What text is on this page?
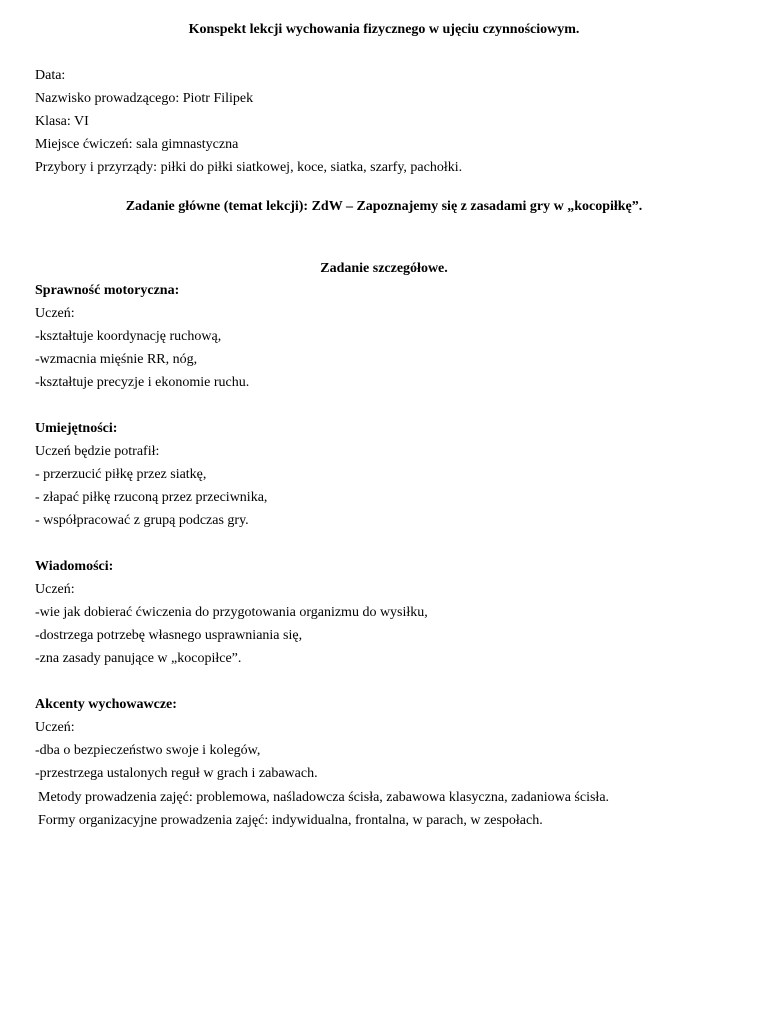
Konspekt lekcji wychowania fizycznego w ujęciu czynnościowym.
Data:
Nazwisko prowadzącego: Piotr Filipek
Klasa: VI
Miejsce ćwiczeń: sala gimnastyczna
Przybory i przyrządy: piłki do piłki siatkowej, koce, siatka, szarfy, pachołki.
Zadanie główne (temat lekcji): ZdW – Zapoznajemy się z zasadami gry w „kocopiłkę”.
Zadanie szczegółowe.
Sprawność motoryczna:
Uczeń:
-kształtuje koordynację ruchową,
-wzmacnia mięśnie RR, nóg,
-kształtuje precyzje i ekonomie ruchu.
Umiejętności:
Uczeń będzie potrafił:
- przerzucić piłkę przez siatkę,
- złapać piłkę rzuconą przez przeciwnika,
- współpracować z grupą podczas gry.
Wiadomości:
Uczeń:
-wie jak dobierać ćwiczenia do przygotowania organizmu do wysiłku,
-dostrzega potrzebę własnego usprawniania się,
-zna zasady panujące w „kocopiłce”.
Akcenty wychowawcze:
Uczeń:
-dba o bezpieczeństwo swoje i kolegów,
-przestrzega ustalonych reguł w grach i zabawach.
Metody prowadzenia zajęć: problemowa, naśladowcza ścisła, zabawowa klasyczna, zadaniowa ścisła.
Formy organizacyjne prowadzenia zajęć: indywidualna, frontalna, w parach, w zespołach.
